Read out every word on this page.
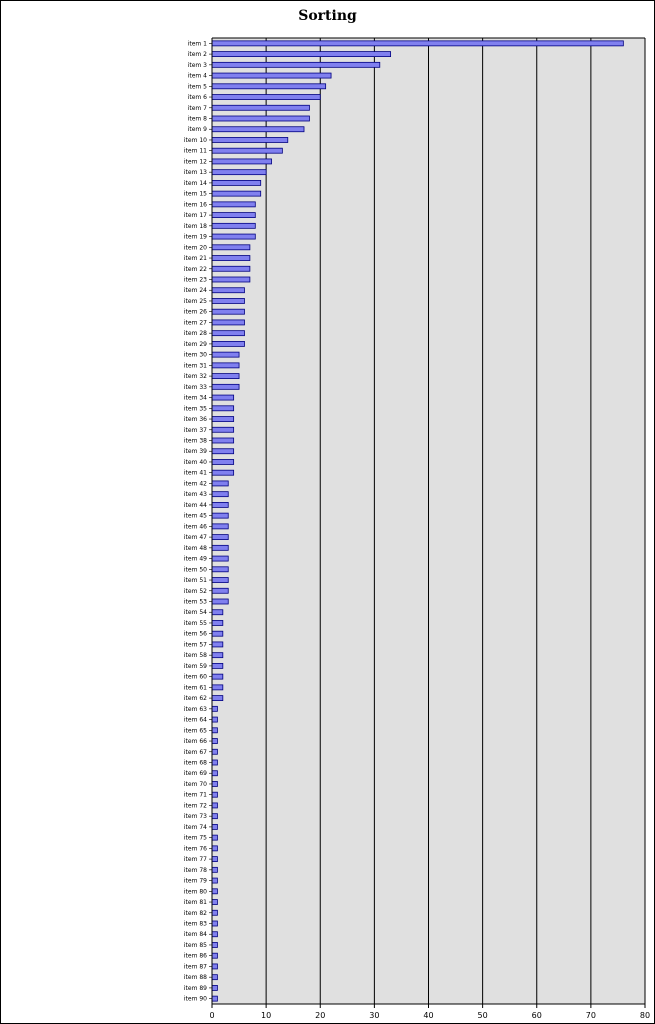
Sorting
0	10	20	30	40	50	60	70	80
item 1
item 2
item 3
item 4
item 5
item 6
item 7
item 8
item 9
item 10
item 11
item 12
item 13
item 14
item 15
item 16
item 17
item 18
item 19
item 20
item 21
item 22
item 23
item 24
item 25
item 26
item 27
item 28
item 29
item 30
item 31
item 32
item 33
item 34
item 35
item 36
item 37
item 38
item 39
item 40
item 41
item 42
item 43
item 44
item 45
item 46
item 47
item 48
item 49
item 50
item 51
item 52
item 53
item 54
item 55
item 56
item 57
item 58
item 59
item 60
item 61
item 62
item 63
item 64
item 65
item 66
item 67
item 68
item 69
item 70
item 71
item 72
item 73
item 74
item 75
item 76
item 77
item 78
item 79
item 80
item 81
item 82
item 83
item 84
item 85
item 86
item 87
item 88
item 89
item 90
